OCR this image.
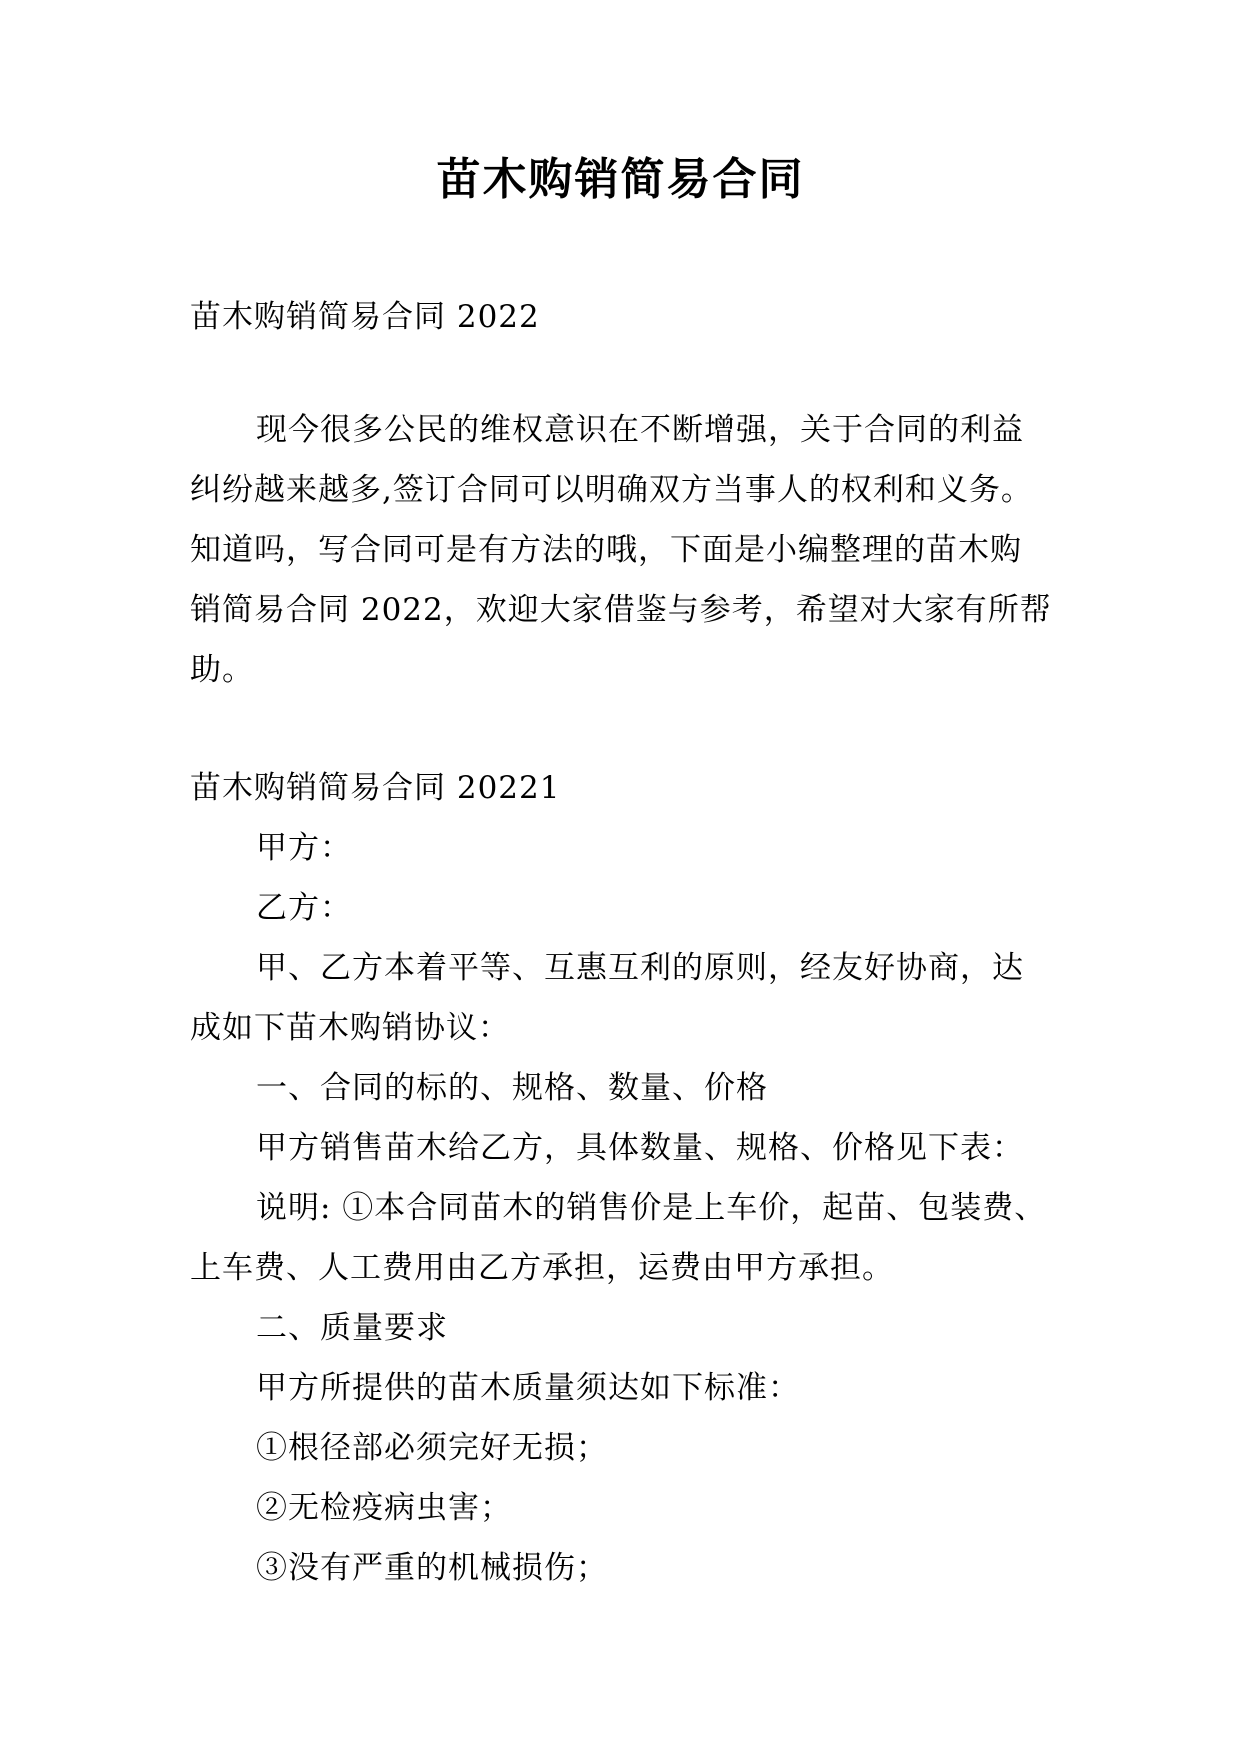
苗木购销简易合同
苗木购销简易合同 2022
现今很多公民的维权意识在不断增强，关于合同的利益
纠纷越来越多,签订合同可以明确双方当事人的权利和义务。
知道吗，写合同可是有方法的哦，下面是小编整理的苗木购
销简易合同 2022，欢迎大家借鉴与参考，希望对大家有所帮
助。
苗木购销简易合同 20221
甲方：
乙方：
甲、乙方本着平等、互惠互利的原则，经友好协商，达
成如下苗木购销协议：
一、合同的标的、规格、数量、价格
甲方销售苗木给乙方，具体数量、规格、价格见下表：
说明: ①本合同苗木的销售价是上车价，起苗、包装费、
上车费、人工费用由乙方承担，运费由甲方承担。
二、质量要求
甲方所提供的苗木质量须达如下标准：
①根径部必须完好无损；
②无检疫病虫害；
③没有严重的机械损伤；
